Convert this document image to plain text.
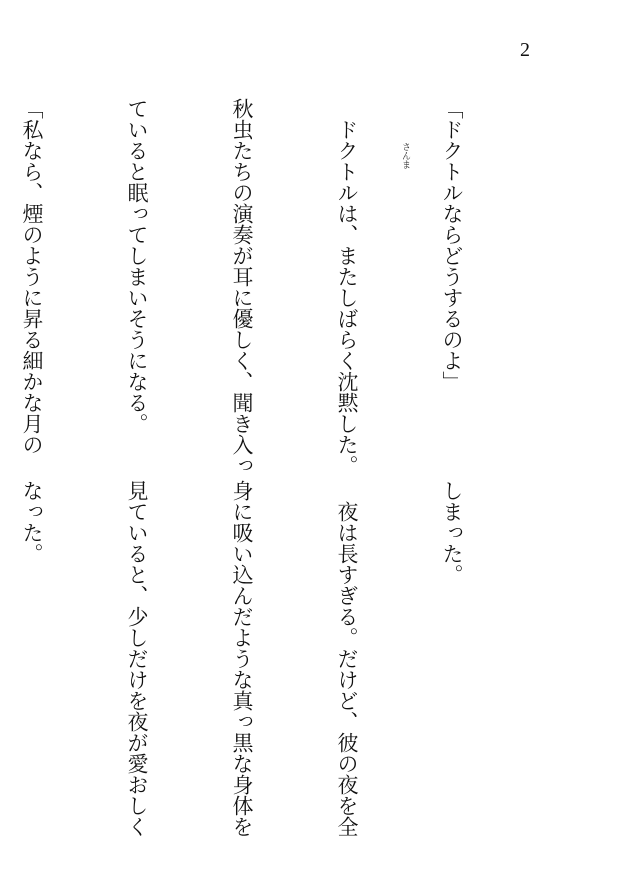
2

「ドクトルならどうするのよ」

　ドクトルは、またしばらく沈黙した。

秋虫たちの演奏が耳に優しく、聞き入っ

ていると眠ってしまいそうになる。

「私なら、煙のように昇る細かな月の

しまった。

　夜は長すぎる。だけど、彼の夜を全

身に吸い込んだような真っ黒な身体を

見ていると、少しだけを夜が愛おしく

なった。

さんま
